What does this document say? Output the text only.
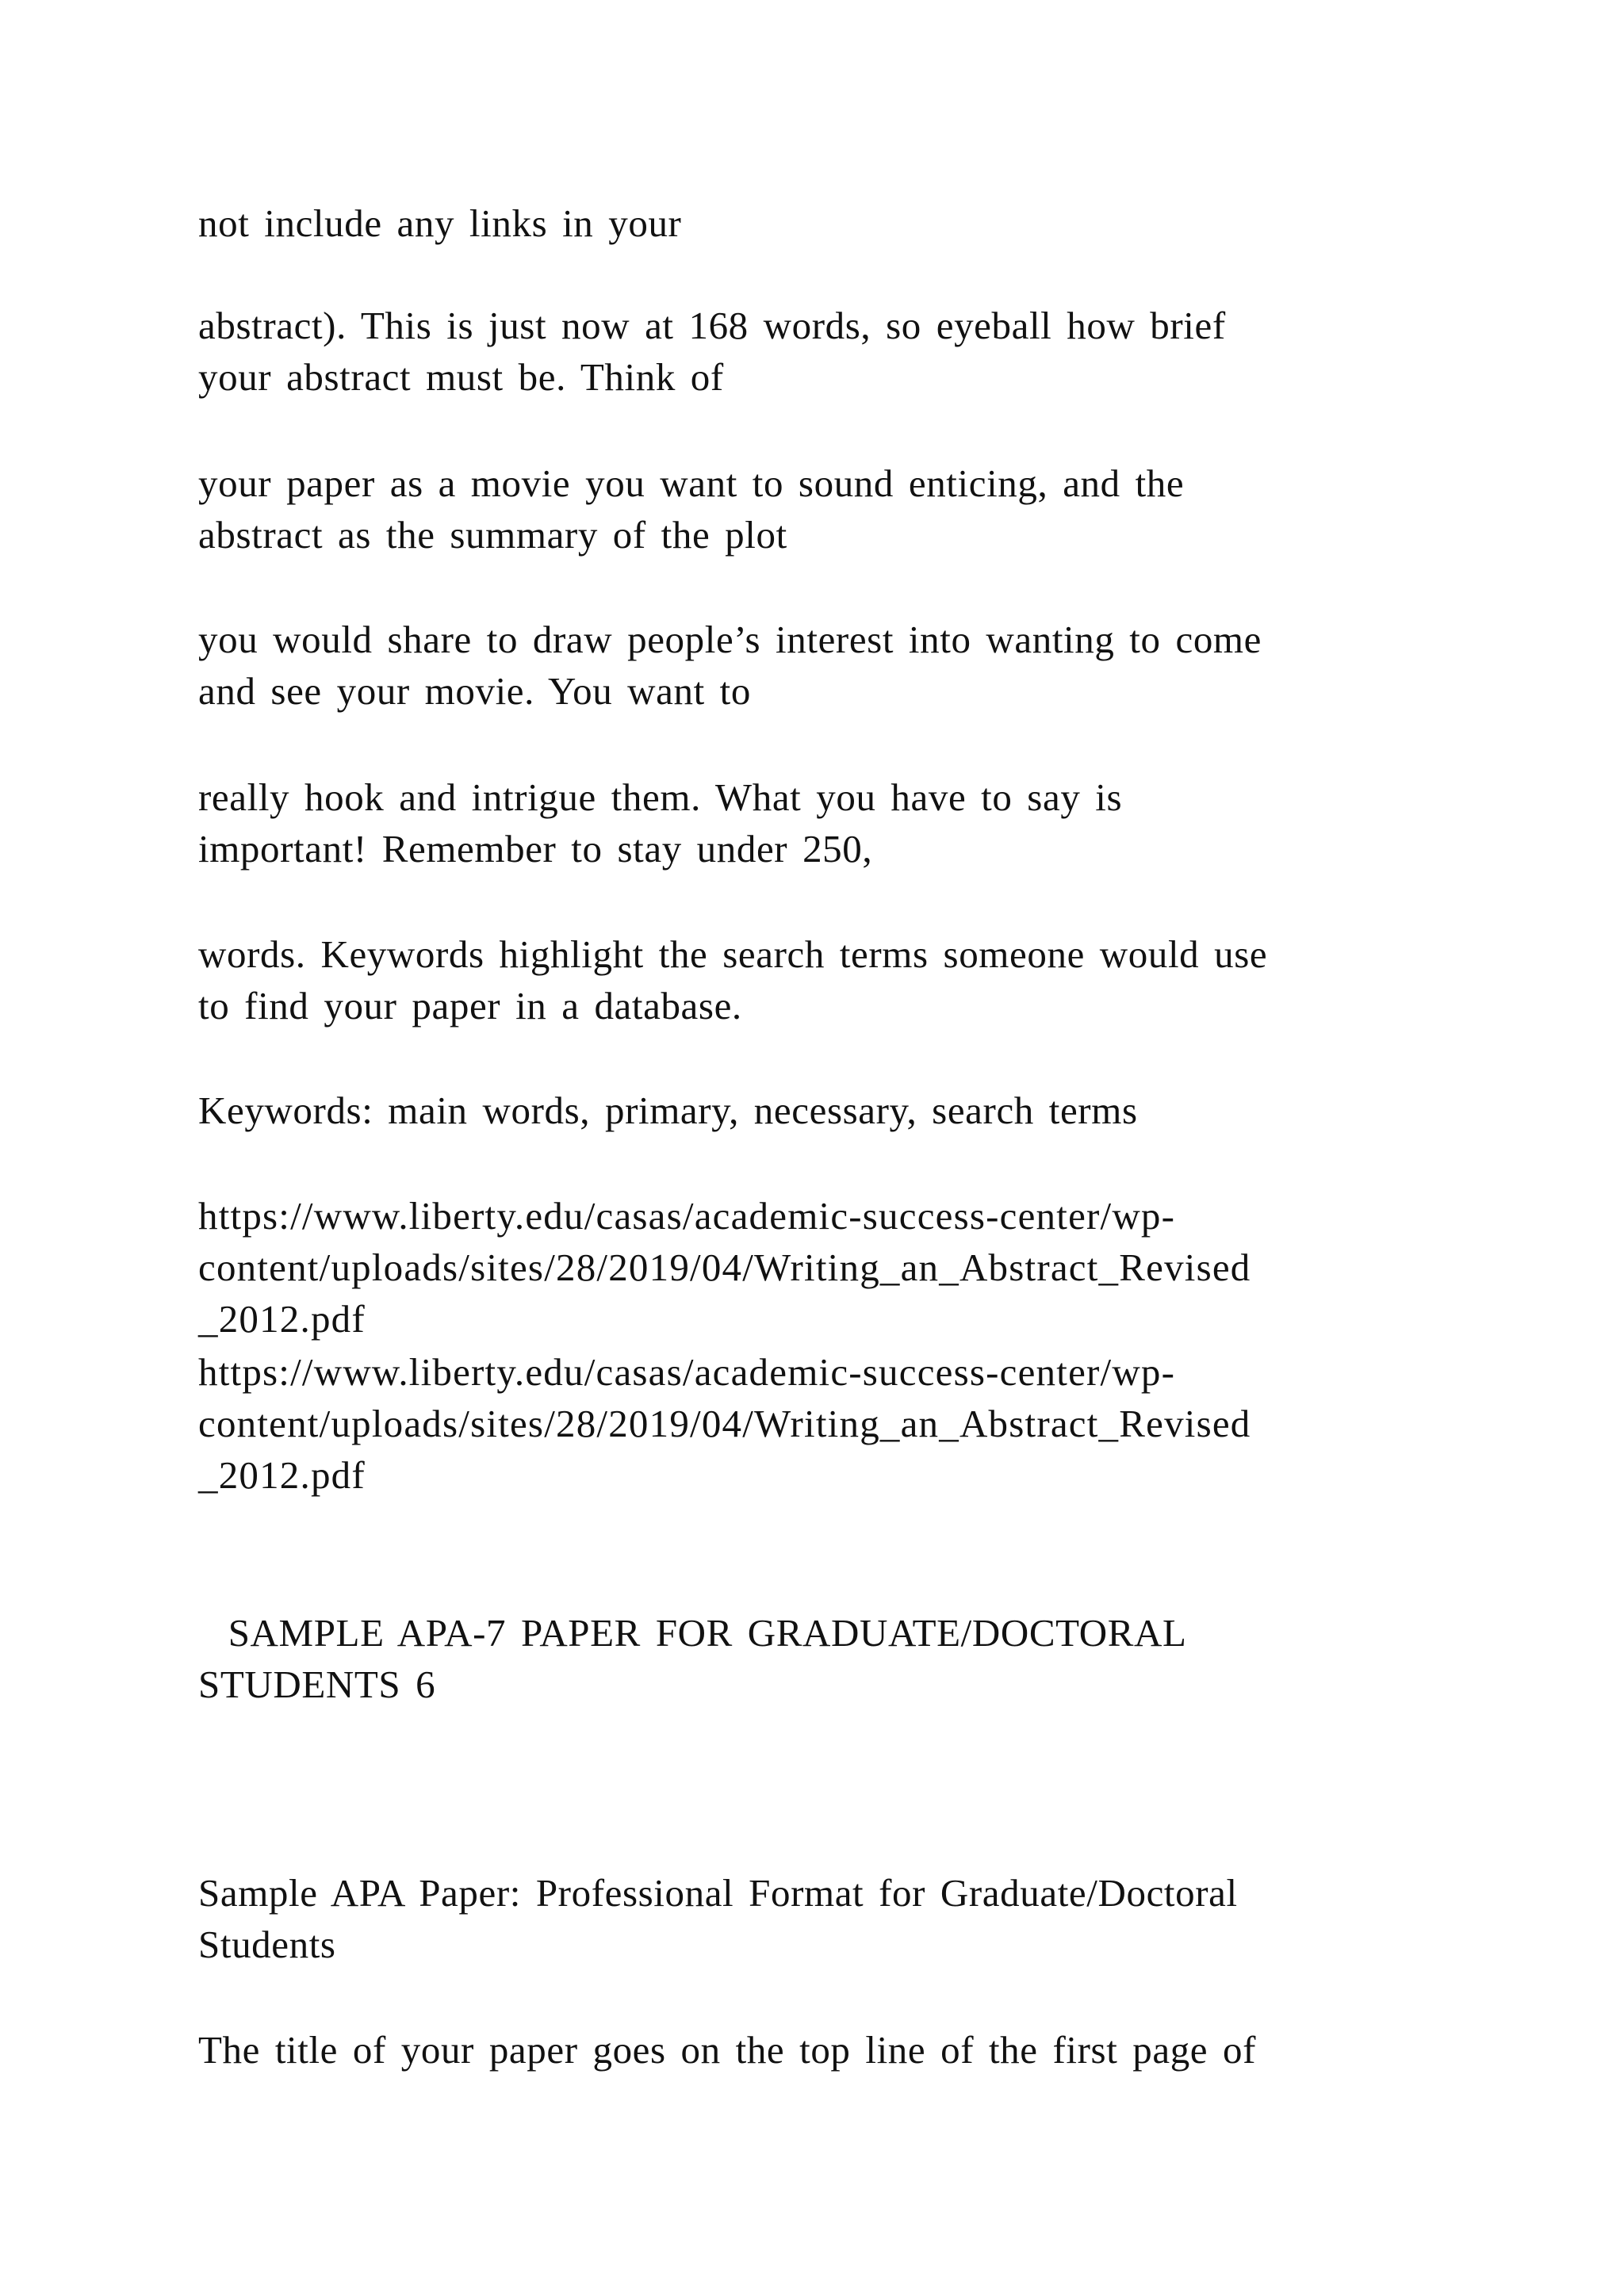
not include any links in your

abstract). This is just now at 168 words, so eyeball how brief

your abstract must be. Think of

your paper as a movie you want to sound enticing, and the

abstract as the summary of the plot

you would share to draw people’s interest into wanting to come

and see your movie. You want to

really hook and intrigue them. What you have to say is

important! Remember to stay under 250,

words. Keywords highlight the search terms someone would use

to find your paper in a database.

Keywords: main words, primary, necessary, search terms

https://www.liberty.edu/casas/academic-success-center/wp-

content/uploads/sites/28/2019/04/Writing_an_Abstract_Revised

_2012.pdf

https://www.liberty.edu/casas/academic-success-center/wp-

content/uploads/sites/28/2019/04/Writing_an_Abstract_Revised

_2012.pdf

SAMPLE APA-7 PAPER FOR GRADUATE/DOCTORAL

STUDENTS 6

Sample APA Paper: Professional Format for Graduate/Doctoral

Students

The title of your paper goes on the top line of the first page of
